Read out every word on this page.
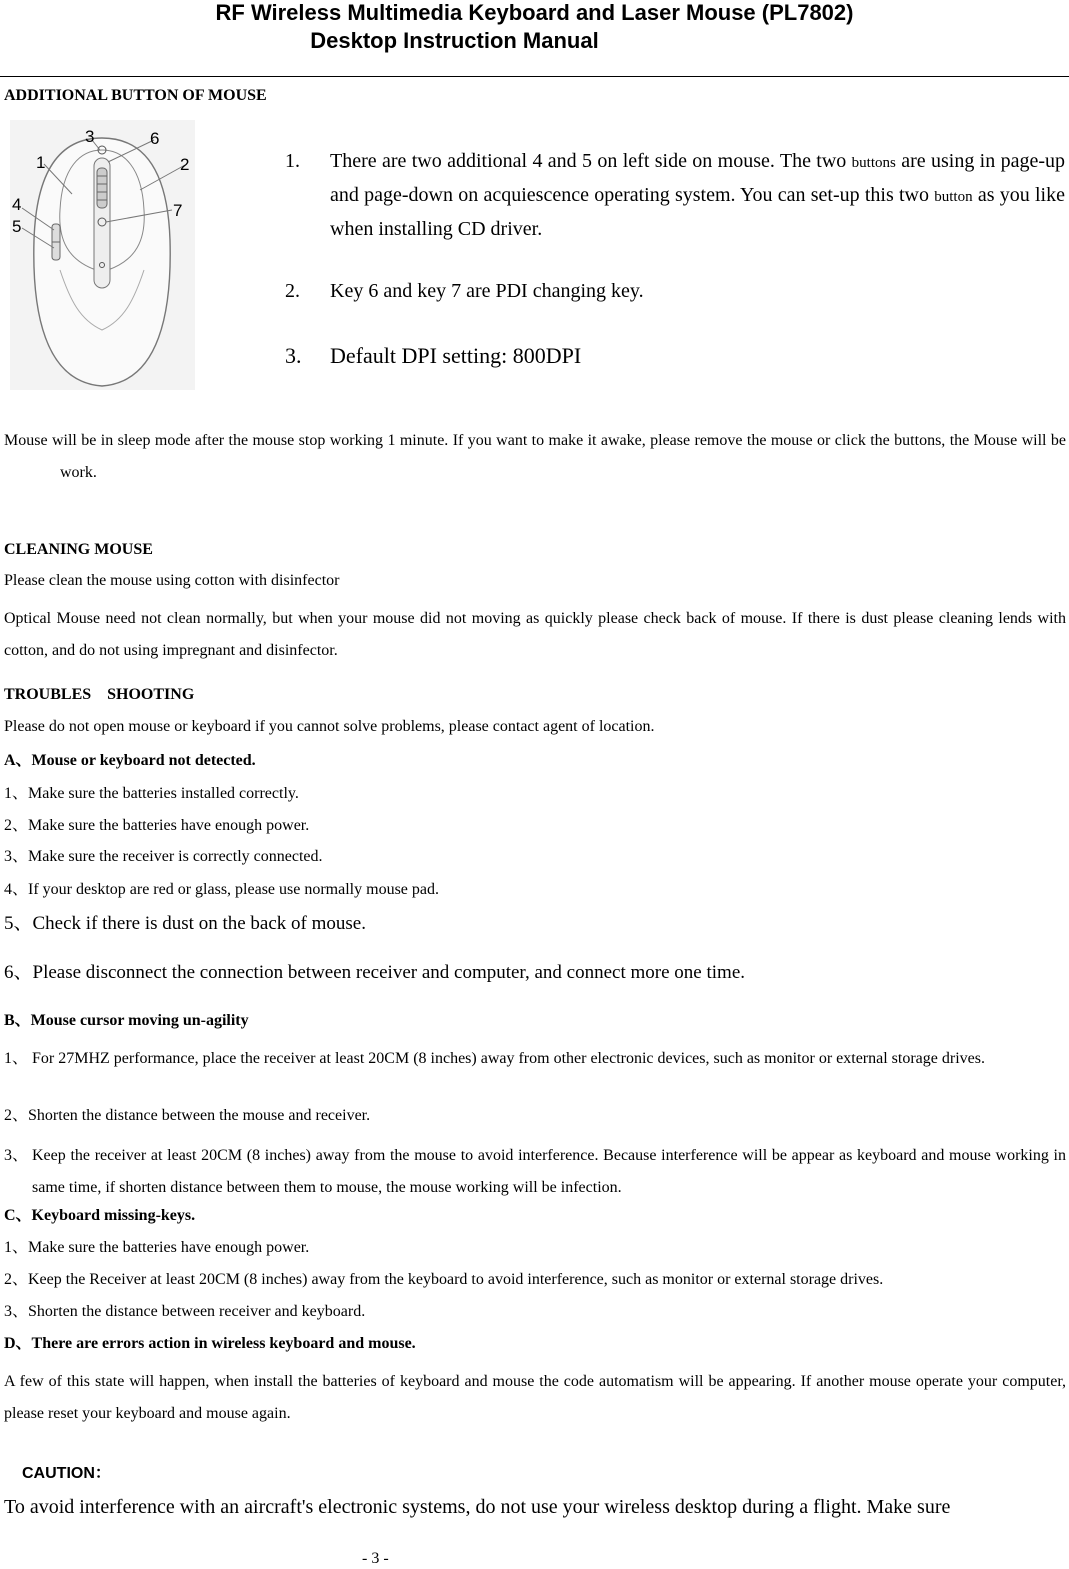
RF Wireless Multimedia Keyboard and Laser Mouse (PL7802)
Desktop Instruction Manual
ADDITIONAL BUTTON OF MOUSE
1	2
3
4
5
6
7
1. There are two additional 4 and 5 on left side on mouse. The two buttons are using in page-up and page-down on acquiescence operating system. You can set-up this two button as you like when installing CD driver.
2. Key 6 and key 7 are PDI changing key.
3. Default DPI setting: 800DPI
Mouse will be in sleep mode after the mouse stop working 1 minute. If you want to make it awake, please remove the mouse or click the buttons, the Mouse will be work.
CLEANING MOUSE
Please clean the mouse using cotton with disinfector
Optical Mouse need not clean normally, but when your mouse did not moving as quickly please check back of mouse. If there is dust please cleaning lends with cotton, and do not using impregnant and disinfector.
TROUBLES    SHOOTING
Please do not open mouse or keyboard if you cannot solve problems, please contact agent of location.
A、Mouse or keyboard not detected.
1、Make sure the batteries installed correctly.
2、Make sure the batteries have enough power.
3、Make sure the receiver is correctly connected.
4、If your desktop are red or glass, please use normally mouse pad.
5、Check if there is dust on the back of mouse.
6、Please disconnect the connection between receiver and computer, and connect more one time.
B、Mouse cursor moving un-agility
1、 For 27MHZ performance, place the receiver at least 20CM (8 inches) away from other electronic devices, such as monitor or external storage drives.
2、Shorten the distance between the mouse and receiver.
3、 Keep the receiver at least 20CM (8 inches) away from the mouse to avoid interference. Because interference will be appear as keyboard and mouse working in same time, if shorten distance between them to mouse, the mouse working will be infection.
C、Keyboard missing-keys.
1、Make sure the batteries have enough power.
2、Keep the Receiver at least 20CM (8 inches) away from the keyboard to avoid interference, such as monitor or external storage drives.
3、Shorten the distance between receiver and keyboard.
D、There are errors action in wireless keyboard and mouse.
A few of this state will happen, when install the batteries of keyboard and mouse the code automatism will be appearing. If another mouse operate your computer, please reset your keyboard and mouse again.
CAUTION：
To avoid interference with an aircraft's electronic systems, do not use your wireless desktop during a flight. Make sure
- 3 -
